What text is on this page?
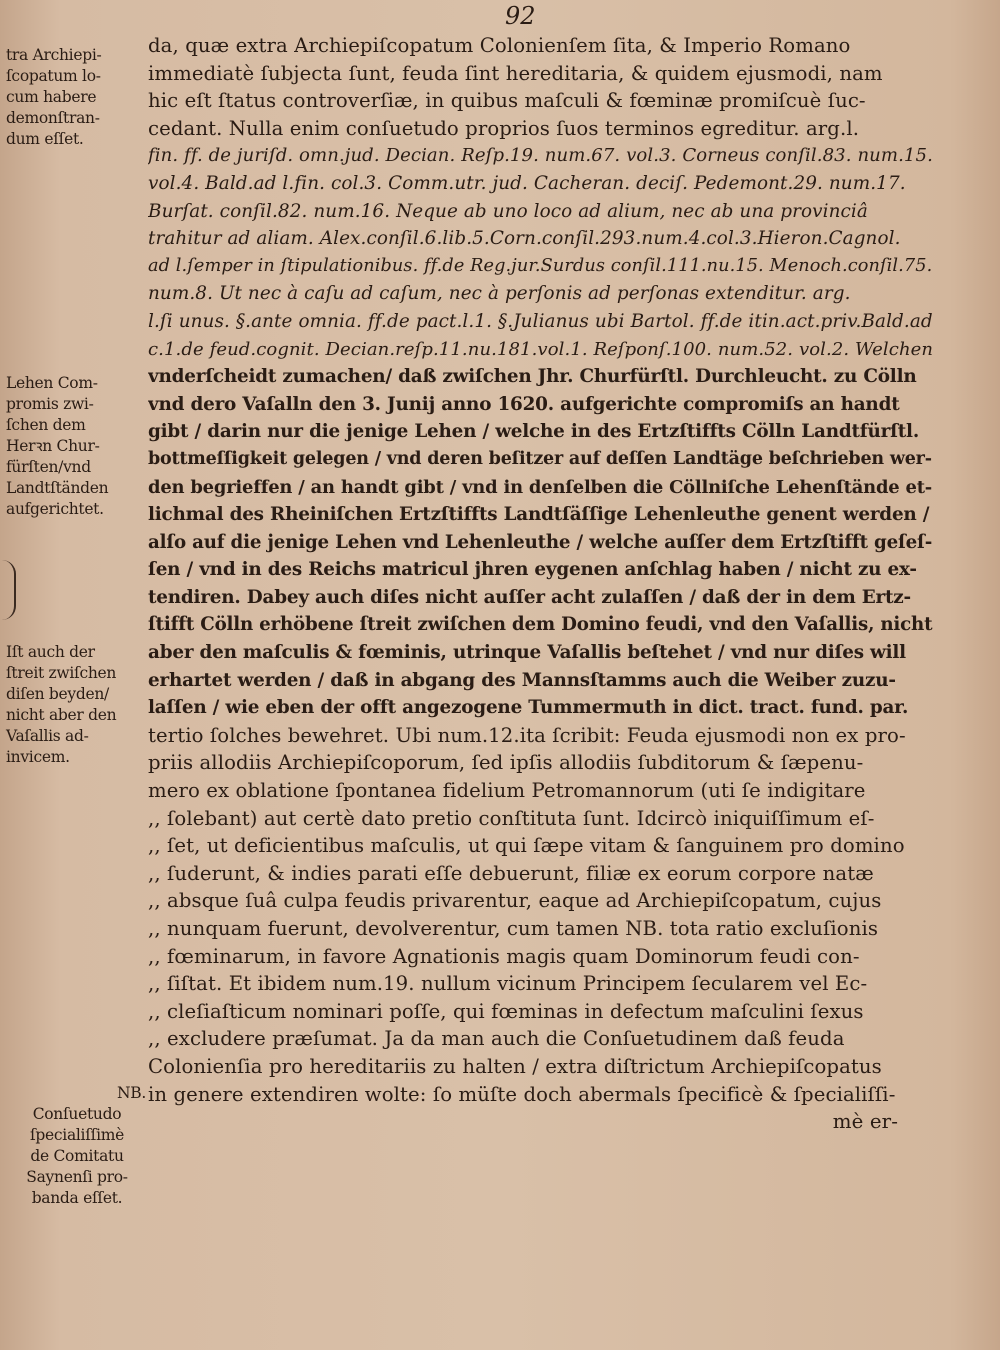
92
tra Archiepi-
ſcopatum lo-
cum habere
demonſtran-
dum eſſet.
Lehen Com-
promis zwi-
ſchen dem
Herꝛn Chur-
fürſten/vnd
Landtſtänden
aufgerichtet.
Iſt auch der
ſtreit zwiſchen
diſen beyden/
nicht aber den
Vaſallis ad-
invicem.
NB.
Conſuetudo
ſpecialiſſimè
de Comitatu
Saynenſi pro-
banda eſſet.
da, quæ extra Archiepiſcopatum Colonienſem ſita, & Imperio Romano
immediatè ſubjecta ſunt, feuda ſint hereditaria, & quidem ejusmodi, nam
hic eſt ſtatus controverſiæ, in quibus maſculi & fœminæ promiſcuè ſuc-
cedant. Nulla enim conſuetudo proprios ſuos terminos egreditur. arg.l.
fin. ff. de juriſd. omn.jud. Decian. Reſp.19. num.67. vol.3. Corneus conſil.83. num.15.
vol.4. Bald.ad l.fin. col.3. Comm.utr. jud. Cacheran. deciſ. Pedemont.29. num.17.
Burſat. conſil.82. num.16. Neque ab uno loco ad alium, nec ab una provinciâ
trahitur ad aliam. Alex.conſil.6.lib.5.Corn.conſil.293.num.4.col.3.Hieron.Cagnol.
ad l.ſemper in ſtipulationibus. ff.de Reg.jur.Surdus conſil.111.nu.15. Menoch.conſil.75.
num.8. Ut nec à caſu ad caſum, nec à perſonis ad perſonas extenditur. arg.
l.ſi unus. §.ante omnia. ff.de pact.l.1. §.Julianus ubi Bartol. ff.de itin.act.priv.Bald.ad
c.1.de feud.cognit. Decian.reſp.11.nu.181.vol.1. Reſponſ.100. num.52. vol.2. Welchen
vnderſcheidt zumachen/ daß zwiſchen Jhr. Churfürſtl. Durchleucht. zu Cölln
vnd dero Vaſalln den 3. Junij anno 1620. aufgerichte compromiſs an handt
gibt / darin nur die jenige Lehen / welche in des Ertzſtiffts Cölln Landtfürſtl.
bottmeſſigkeit gelegen / vnd deren beſitzer auf deſſen Landtäge beſchrieben wer-
den begrieffen / an handt gibt / vnd in denſelben die Cöllniſche Lehenſtände et-
lichmal des Rheiniſchen Ertzſtiffts Landtſäſſige Lehenleuthe genent werden /
alſo auf die jenige Lehen vnd Lehenleuthe / welche auſſer dem Ertzſtifft geſeſ-
ſen / vnd in des Reichs matricul jhren eygenen anſchlag haben / nicht zu ex-
tendiren. Dabey auch diſes nicht auſſer acht zulaſſen / daß der in dem Ertz-
ſtifft Cölln erhöbene ſtreit zwiſchen dem Domino feudi, vnd den Vaſallis, nicht
aber den maſculis & fœminis, utrinque Vaſallis beſtehet / vnd nur diſes will
erhartet werden / daß in abgang des Mannsſtamms auch die Weiber zuzu-
laſſen / wie eben der offt angezogene Tummermuth in dict. tract. fund. par.
tertio ſolches bewehret. Ubi num.12.ita ſcribit: Feuda ejusmodi non ex pro-
priis allodiis Archiepiſcoporum, ſed ipſis allodiis ſubditorum & ſæpenu-
mero ex oblatione ſpontanea fidelium Petromannorum (uti ſe indigitare
,, ſolebant) aut certè dato pretio conſtituta ſunt. Idcircò iniquiſſimum eſ-
,, ſet, ut deficientibus maſculis, ut qui ſæpe vitam & ſanguinem pro domino
,, ſuderunt, & indies parati eſſe debuerunt, filiæ ex eorum corpore natæ
,, absque ſuâ culpa feudis privarentur, eaque ad Archiepiſcopatum, cujus
,, nunquam fuerunt, devolverentur, cum tamen NB. tota ratio excluſionis
,, fœminarum, in favore Agnationis magis quam Dominorum feudi con-
,, ſiſtat. Et ibidem num.19. nullum vicinum Principem ſecularem vel Ec-
,, cleſiaſticum nominari poſſe, qui fœminas in defectum maſculini ſexus
,, excludere præſumat. Ja da man auch die Conſuetudinem daß feuda
Colonienſia pro hereditariis zu halten / extra diſtrictum Archiepiſcopatus
in genere extendiren wolte: ſo müſte doch abermals ſpecificè & ſpecialiſſi-
mè er-
